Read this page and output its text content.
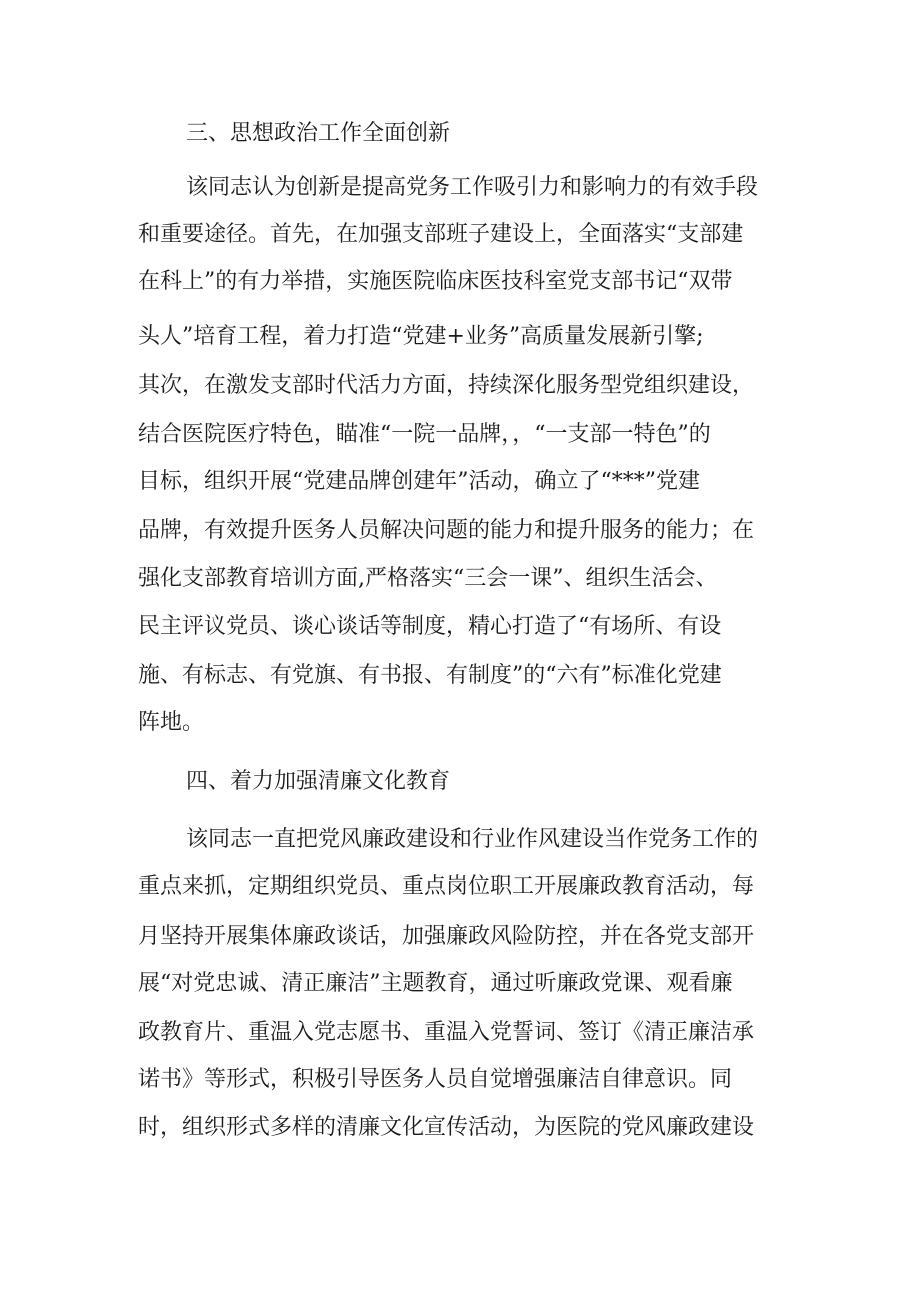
三、思想政治工作全面创新
该同志认为创新是提高党务工作吸引力和影响力的有效手段
和重要途径。首先，在加强支部班子建设上，全面落实“支部建
在科上”的有力举措，实施医院临床医技科室党支部书记“双带
头人”培育工程，着力打造“党建+业务”高质量发展新引擎;
其次，在激发支部时代活力方面，持续深化服务型党组织建设，
结合医院医疗特色，瞄准“一院一品牌，，“一支部一特色”的
目标，组织开展“党建品牌创建年”活动，确立了“***”党建
品牌，有效提升医务人员解决问题的能力和提升服务的能力；在
强化支部教育培训方面,严格落实“三会一课”、组织生活会、
民主评议党员、谈心谈话等制度，精心打造了“有场所、有设
施、有标志、有党旗、有书报、有制度”的“六有”标准化党建
阵地。
四、着力加强清廉文化教育
该同志一直把党风廉政建设和行业作风建设当作党务工作的
重点来抓，定期组织党员、重点岗位职工开展廉政教育活动，每
月坚持开展集体廉政谈话，加强廉政风险防控，并在各党支部开
展“对党忠诚、清正廉洁”主题教育，通过听廉政党课、观看廉
政教育片、重温入党志愿书、重温入党誓词、签订《清正廉洁承
诺书》等形式，积极引导医务人员自觉增强廉洁自律意识。同
时，组织形式多样的清廉文化宣传活动，为医院的党风廉政建设
